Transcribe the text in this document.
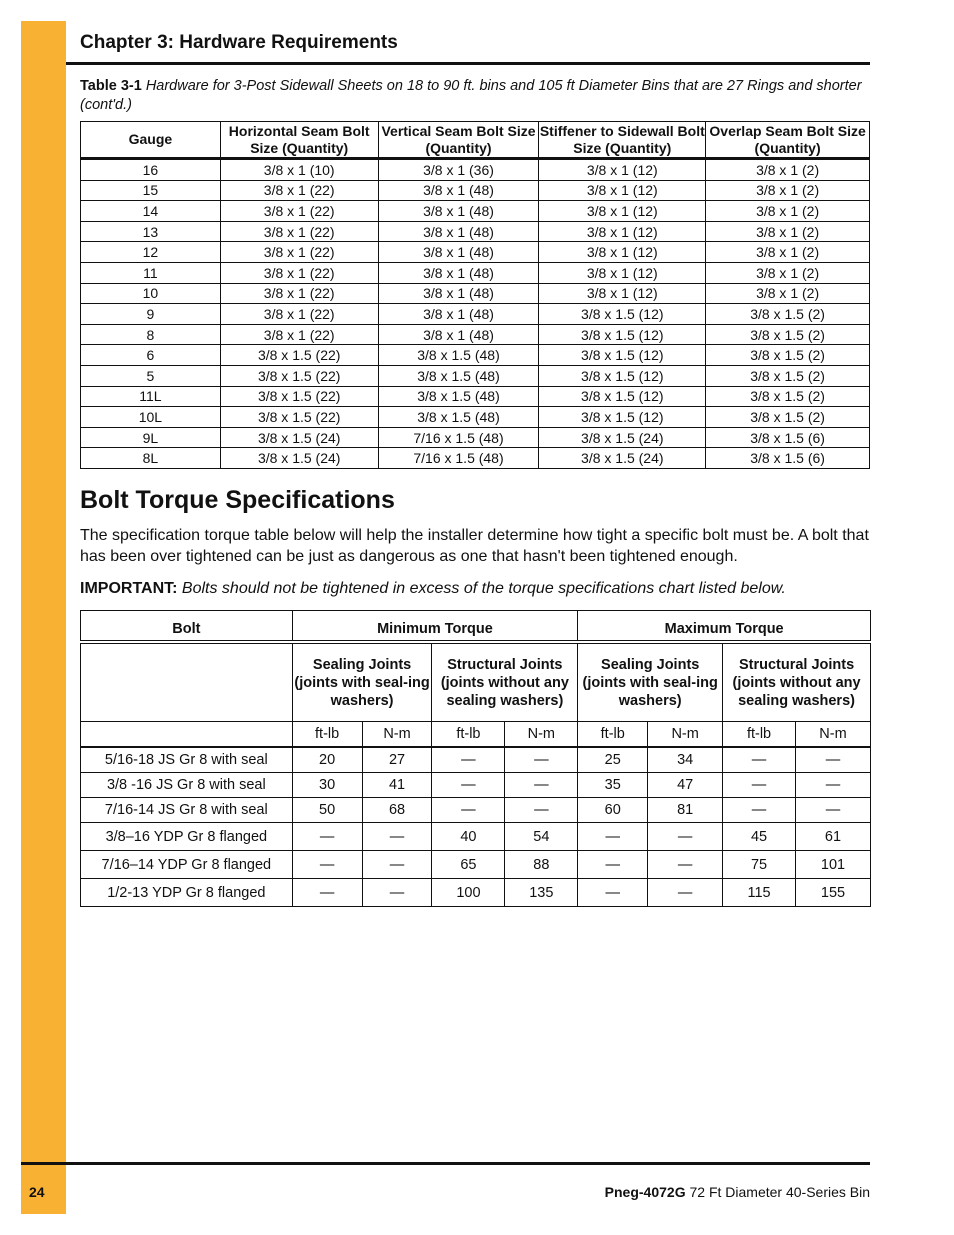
Chapter 3: Hardware Requirements
Table 3-1 Hardware for 3-Post Sidewall Sheets on 18 to 90 ft. bins and 105 ft Diameter Bins that are 27 Rings and shorter (cont'd.)
Gauge	Horizontal Seam Bolt Size (Quantity)	Vertical Seam Bolt Size (Quantity)	Stiffener to Sidewall Bolt Size (Quantity)	Overlap Seam Bolt Size (Quantity)
16	3/8 x 1 (10)	3/8 x 1 (36)	3/8 x 1 (12)	3/8 x 1 (2)
15	3/8 x 1 (22)	3/8 x 1 (48)	3/8 x 1 (12)	3/8 x 1 (2)
14	3/8 x 1 (22)	3/8 x 1 (48)	3/8 x 1 (12)	3/8 x 1 (2)
13	3/8 x 1 (22)	3/8 x 1 (48)	3/8 x 1 (12)	3/8 x 1 (2)
12	3/8 x 1 (22)	3/8 x 1 (48)	3/8 x 1 (12)	3/8 x 1 (2)
11	3/8 x 1 (22)	3/8 x 1 (48)	3/8 x 1 (12)	3/8 x 1 (2)
10	3/8 x 1 (22)	3/8 x 1 (48)	3/8 x 1 (12)	3/8 x 1 (2)
9	3/8 x 1 (22)	3/8 x 1 (48)	3/8 x 1.5 (12)	3/8 x 1.5 (2)
8	3/8 x 1 (22)	3/8 x 1 (48)	3/8 x 1.5 (12)	3/8 x 1.5 (2)
6	3/8 x 1.5 (22)	3/8 x 1.5 (48)	3/8 x 1.5 (12)	3/8 x 1.5 (2)
5	3/8 x 1.5 (22)	3/8 x 1.5 (48)	3/8 x 1.5 (12)	3/8 x 1.5 (2)
11L	3/8 x 1.5 (22)	3/8 x 1.5 (48)	3/8 x 1.5 (12)	3/8 x 1.5 (2)
10L	3/8 x 1.5 (22)	3/8 x 1.5 (48)	3/8 x 1.5 (12)	3/8 x 1.5 (2)
9L	3/8 x 1.5 (24)	7/16 x 1.5 (48)	3/8 x 1.5 (24)	3/8 x 1.5 (6)
8L	3/8 x 1.5 (24)	7/16 x 1.5 (48)	3/8 x 1.5 (24)	3/8 x 1.5 (6)
Bolt Torque Specifications
The specification torque table below will help the installer determine how tight a specific bolt must be. A bolt that has been over tightened can be just as dangerous as one that hasn't been tightened enough.
IMPORTANT: Bolts should not be tightened in excess of the torque specifications chart listed below.
Bolt	Minimum Torque				Maximum Torque			
	Sealing Joints (joints with seal-ing washers)		Structural Joints (joints without any sealing washers)		Sealing Joints (joints with seal-ing washers)		Structural Joints (joints without any sealing washers)	
	ft-lb	N-m	ft-lb	N-m	ft-lb	N-m	ft-lb	N-m
5/16-18 JS Gr 8 with seal	20	27	—	—	25	34	—	—
3/8 -16 JS Gr 8 with seal	30	41	—	—	35	47	—	—
7/16-14 JS Gr 8 with seal	50	68	—	—	60	81	—	—
3/8–16 YDP Gr 8 flanged	—	—	40	54	—	—	45	61
7/16–14 YDP Gr 8 flanged	—	—	65	88	—	—	75	101
1/2-13 YDP Gr 8 flanged	—	—	100	135	—	—	115	155
24	Pneg-4072G 72 Ft Diameter 40-Series Bin
